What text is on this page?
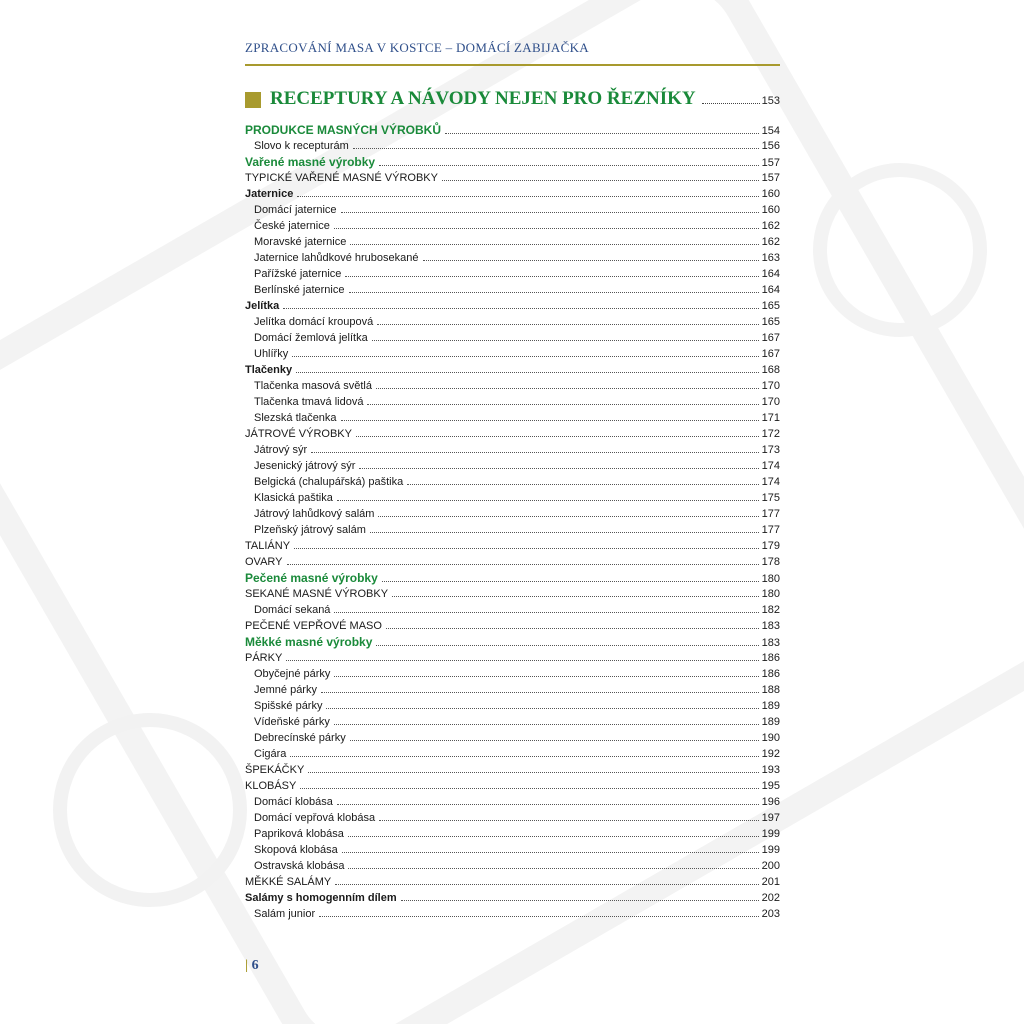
ZPRACOVÁNÍ MASA V KOSTCE – DOMÁCÍ ZABIJAČKA
RECEPTURY A NÁVODY NEJEN PRO ŘEZNÍKY	153
PRODUKCE MASNÝCH VÝROBKŮ	154
Slovo k recepturám	156
Vařené masné výrobky	157
TYPICKÉ VAŘENÉ MASNÉ VÝROBKY	157
Jaternice	160
Domácí jaternice	160
České jaternice	162
Moravské jaternice	162
Jaternice lahůdkové hrubosekané	163
Pařížské jaternice	164
Berlínské jaternice	164
Jelítka	165
Jelítka domácí kroupová	165
Domácí žemlová jelítka	167
Uhlířky	167
Tlačenky	168
Tlačenka masová světlá	170
Tlačenka tmavá lidová	170
Slezská tlačenka	171
JÁTROVÉ VÝROBKY	172
Játrový sýr	173
Jesenický játrový sýr	174
Belgická (chalupářská) paštika	174
Klasická paštika	175
Játrový lahůdkový salám	177
Plzeňský játrový salám	177
TALIÁNY	179
OVARY	178
Pečené masné výrobky	180
SEKANÉ MASNÉ VÝROBKY	180
Domácí sekaná	182
PEČENÉ VEPŘOVÉ MASO	183
Měkké masné výrobky	183
PÁRKY	186
Obyčejné párky	186
Jemné párky	188
Spišské párky	189
Vídeňské párky	189
Debrecínské párky	190
Cigára	192
ŠPEKÁČKY	193
KLOBÁSY	195
Domácí klobása	196
Domácí vepřová klobása	197
Papriková klobása	199
Skopová klobása	199
Ostravská klobása	200
MĚKKÉ SALÁMY	201
Salámy s homogenním dílem	202
Salám junior	203
| 6
